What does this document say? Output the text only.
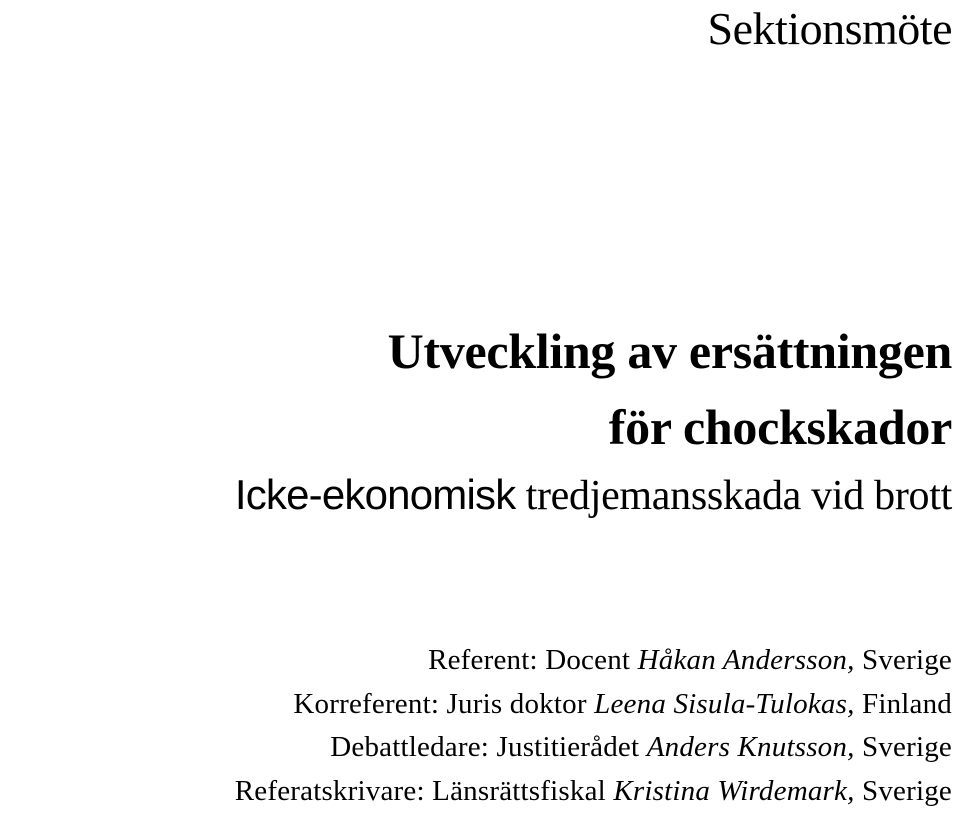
Sektionsmöte
Utveckling av ersättningen
för chockskador
Icke-ekonomisk tredjemansskada vid brott
Referent: Docent Håkan Andersson, Sverige
Korreferent: Juris doktor Leena Sisula-Tulokas, Finland
Debattledare: Justitierådet Anders Knutsson, Sverige
Referatskrivare: Länsrättsfiskal Kristina Wirdemark, Sverige
